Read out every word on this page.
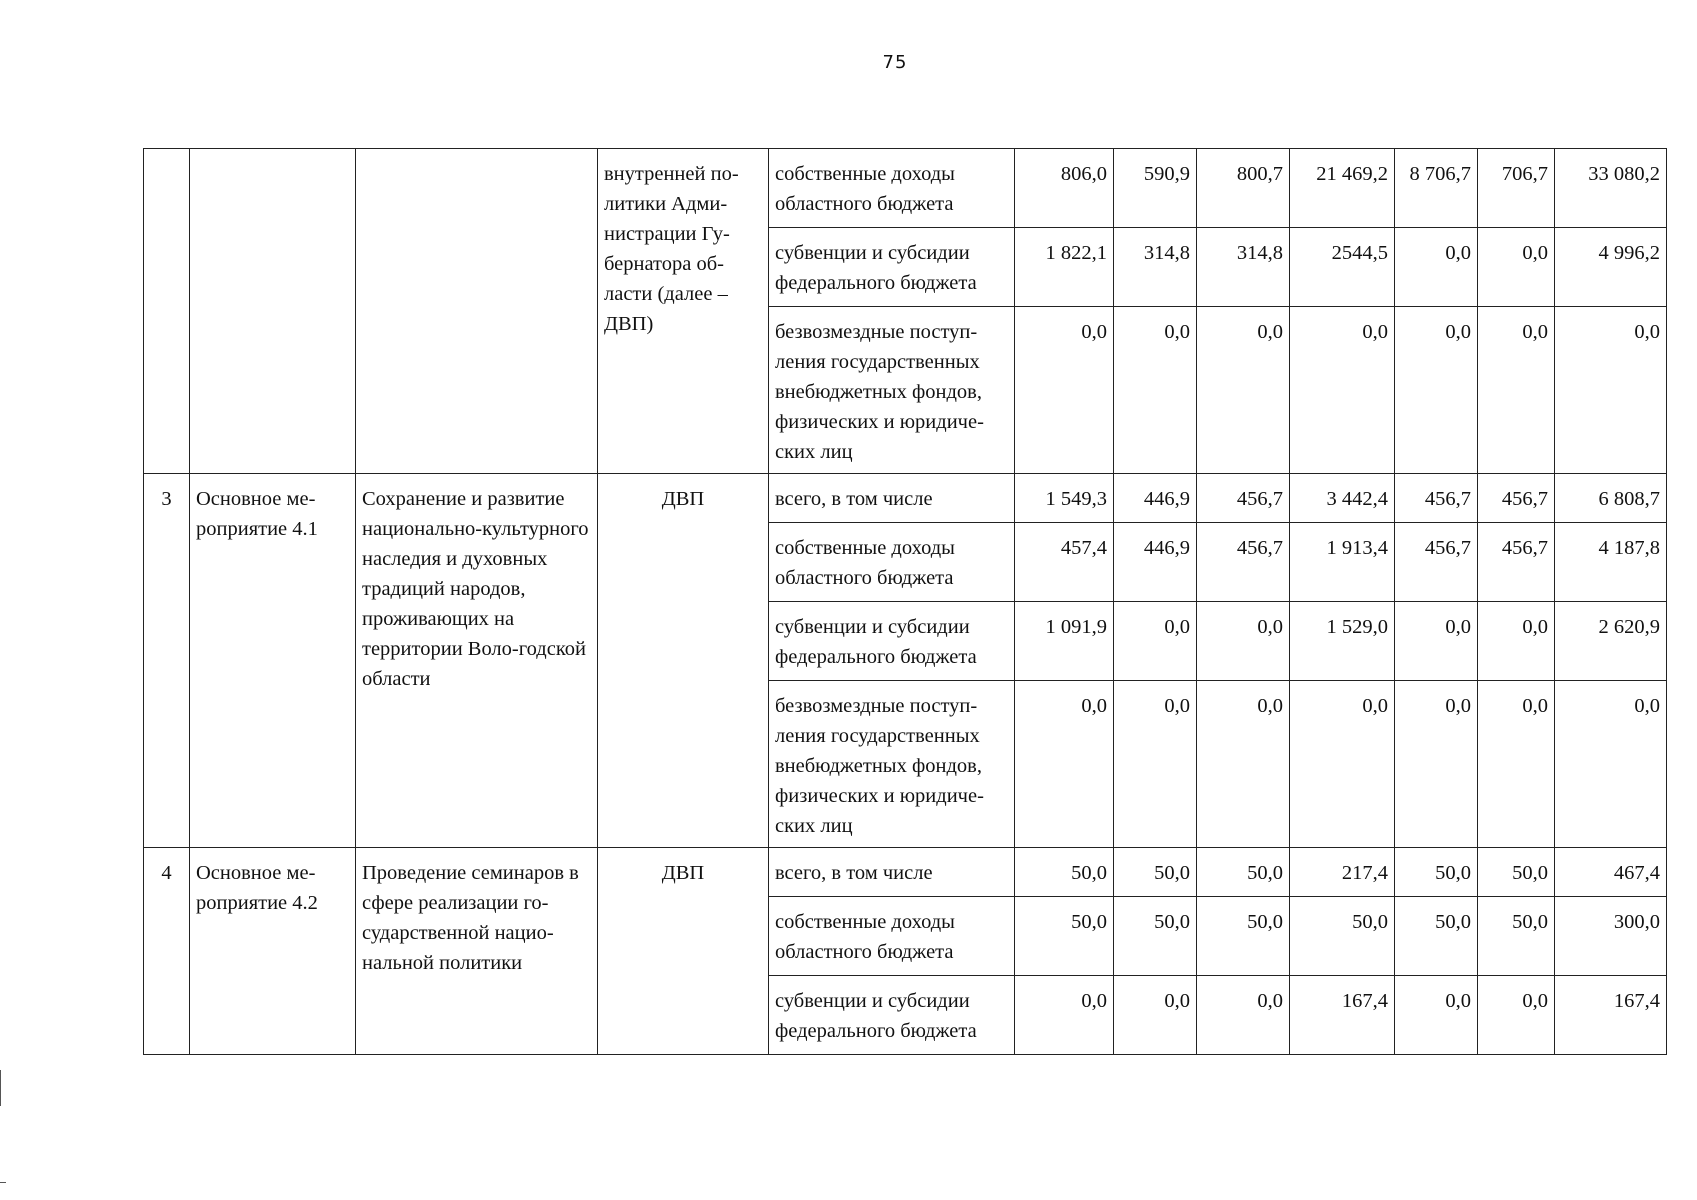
75
			внутренней по-литики Адми-нистрации Гу-бернатора об-ласти (далее – ДВП)	собственные доходы областного бюджета	806,0	590,9	800,7	21 469,2	8 706,7	706,7	33 080,2
				субвенции и субсидии федерального бюджета	1 822,1	314,8	314,8	2544,5	0,0	0,0	4 996,2
				безвозмездные поступ-ления государственных внебюджетных фондов, физических и юридиче-ских лиц	0,0	0,0	0,0	0,0	0,0	0,0	0,0
3	Основное ме-роприятие 4.1	Сохранение и развитие национально-культурного наследия и духовных традиций народов, проживающих на территории Воло-годской области	ДВП	всего, в том числе	1 549,3	446,9	456,7	3 442,4	456,7	456,7	6 808,7
				собственные доходы областного бюджета	457,4	446,9	456,7	1 913,4	456,7	456,7	4 187,8
				субвенции и субсидии федерального бюджета	1 091,9	0,0	0,0	1 529,0	0,0	0,0	2 620,9
				безвозмездные поступ-ления государственных внебюджетных фондов, физических и юридиче-ских лиц	0,0	0,0	0,0	0,0	0,0	0,0	0,0
4	Основное ме-роприятие 4.2	Проведение семинаров в сфере реализации го-сударственной нацио-нальной политики	ДВП	всего, в том числе	50,0	50,0	50,0	217,4	50,0	50,0	467,4
				собственные доходы областного бюджета	50,0	50,0	50,0	50,0	50,0	50,0	300,0
				субвенции и субсидии федерального бюджета	0,0	0,0	0,0	167,4	0,0	0,0	167,4
